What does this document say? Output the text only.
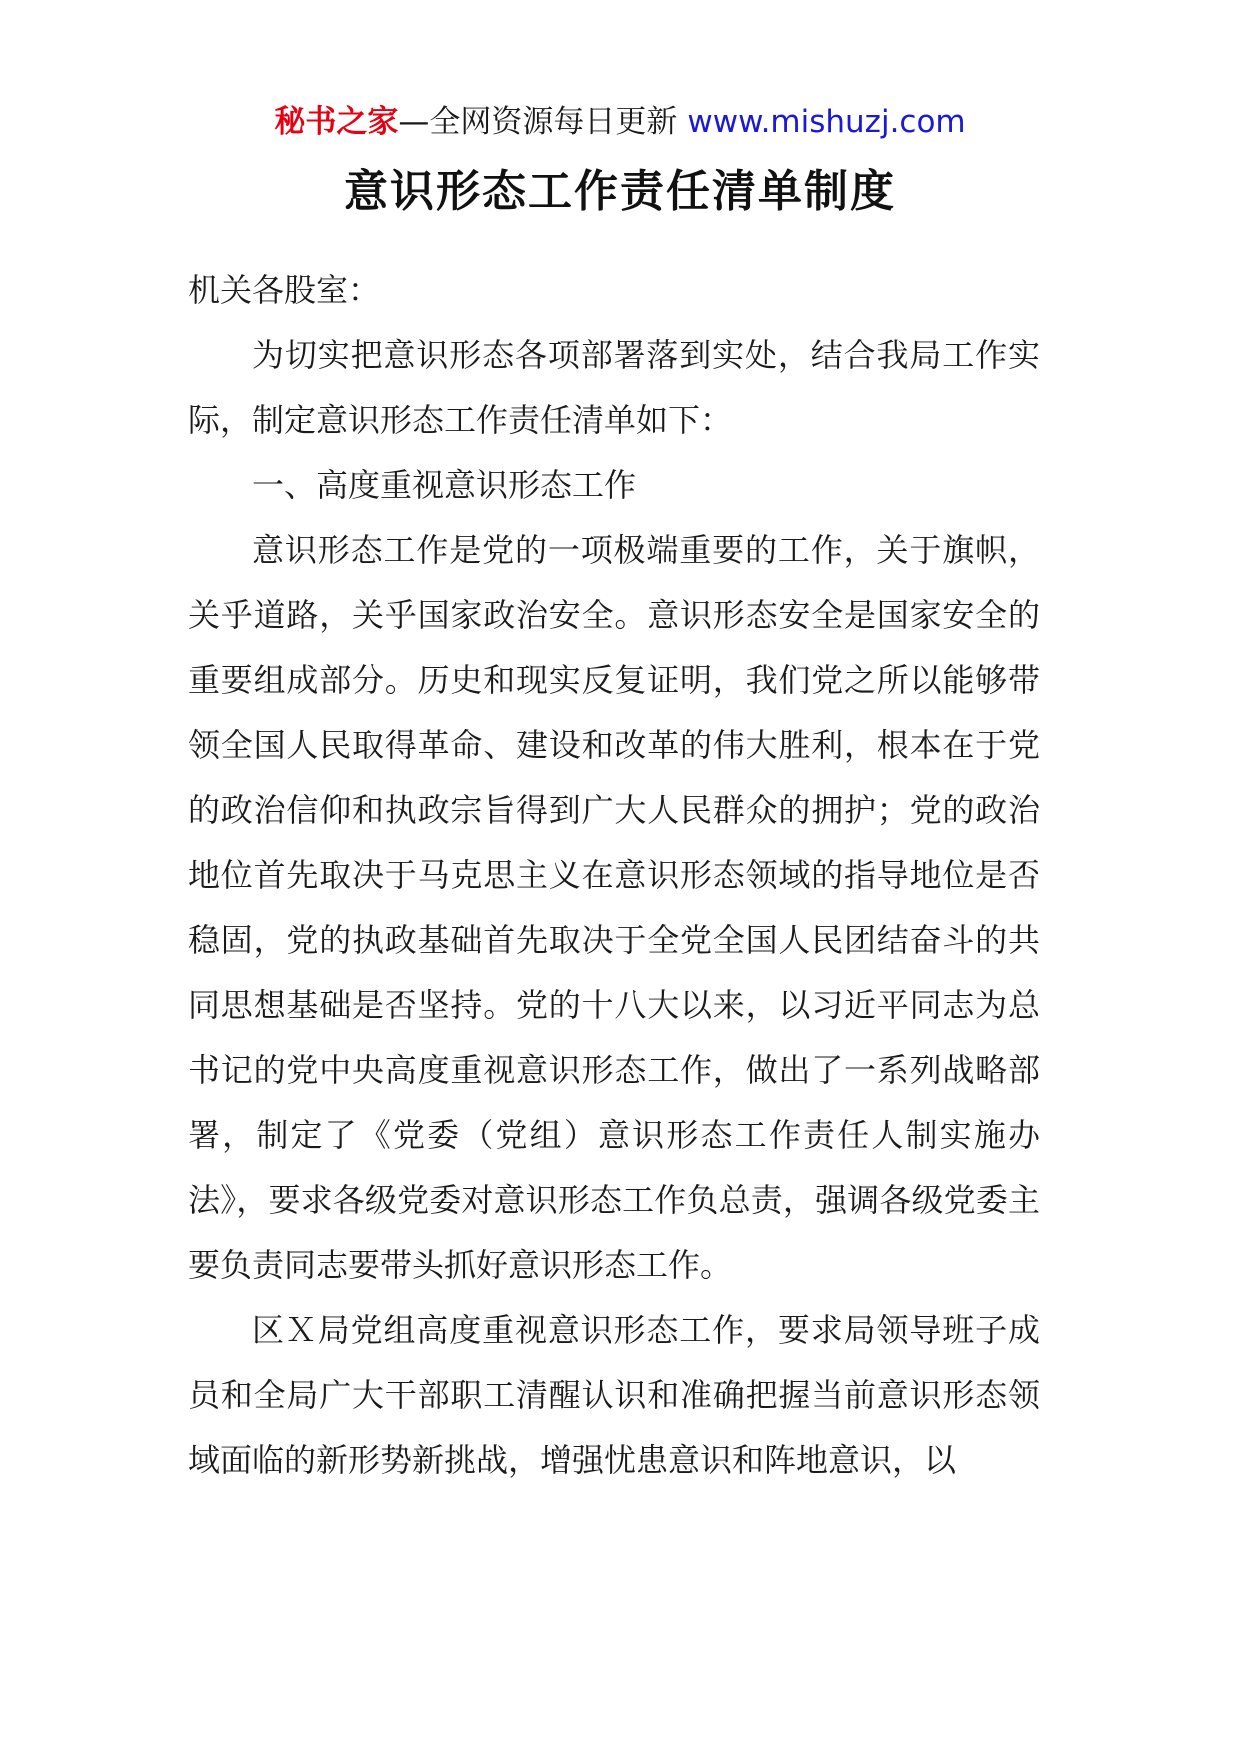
秘书之家—全网资源每日更新 www.mishuzj.com
意识形态工作责任清单制度

机关各股室：

为切实把意识形态各项部署落到实处，结合我局工作实际，制定意识形态工作责任清单如下：

一、高度重视意识形态工作

意识形态工作是党的一项极端重要的工作，关于旗帜，关乎道路，关乎国家政治安全。意识形态安全是国家安全的重要组成部分。历史和现实反复证明，我们党之所以能够带领全国人民取得革命、建设和改革的伟大胜利，根本在于党的政治信仰和执政宗旨得到广大人民群众的拥护；党的政治地位首先取决于马克思主义在意识形态领域的指导地位是否稳固，党的执政基础首先取决于全党全国人民团结奋斗的共同思想基础是否坚持。党的十八大以来，以习近平同志为总书记的党中央高度重视意识形态工作，做出了一系列战略部署，制定了《党委（党组）意识形态工作责任人制实施办法》，要求各级党委对意识形态工作负总责，强调各级党委主要负责同志要带头抓好意识形态工作。

区Ｘ局党组高度重视意识形态工作，要求局领导班子成员和全局广大干部职工清醒认识和准确把握当前意识形态领域面临的新形势新挑战，增强忧患意识和阵地意识，以
